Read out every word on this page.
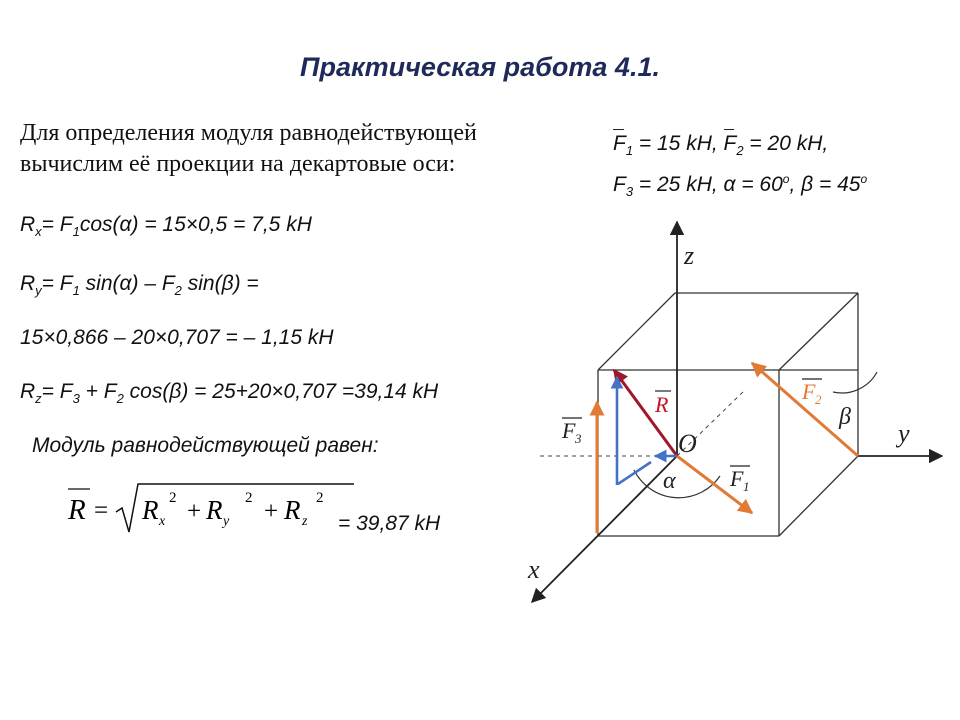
Практическая работа 4.1.
Для определения модуля равнодействующей
вычислим её проекции на декартовые оси:
$F_1 = 15$ kH, $F_2 = 20$ kH,
$F_3 = 25$ kH, $\alpha = 60^о$, $\beta = 45^о$
$R_x= F_1\cos(\alpha) = 15\times 0,5 = 7,5$ kH
$R_y= F_1$ $\sin(\alpha) - F_2$ sin(β) =
15×0,866 – 20×0,707 = – 1,15 kH
$R_z= F_3 + F_2$ cos(β) = 25+20×0,707 =39,14 kH
Модуль равнодействующей равен:
R = R x
2 + R y
2 + R z
2
= 39,87 kH
z
y
x
O
R
F 2
F 3
F 1
α
β
